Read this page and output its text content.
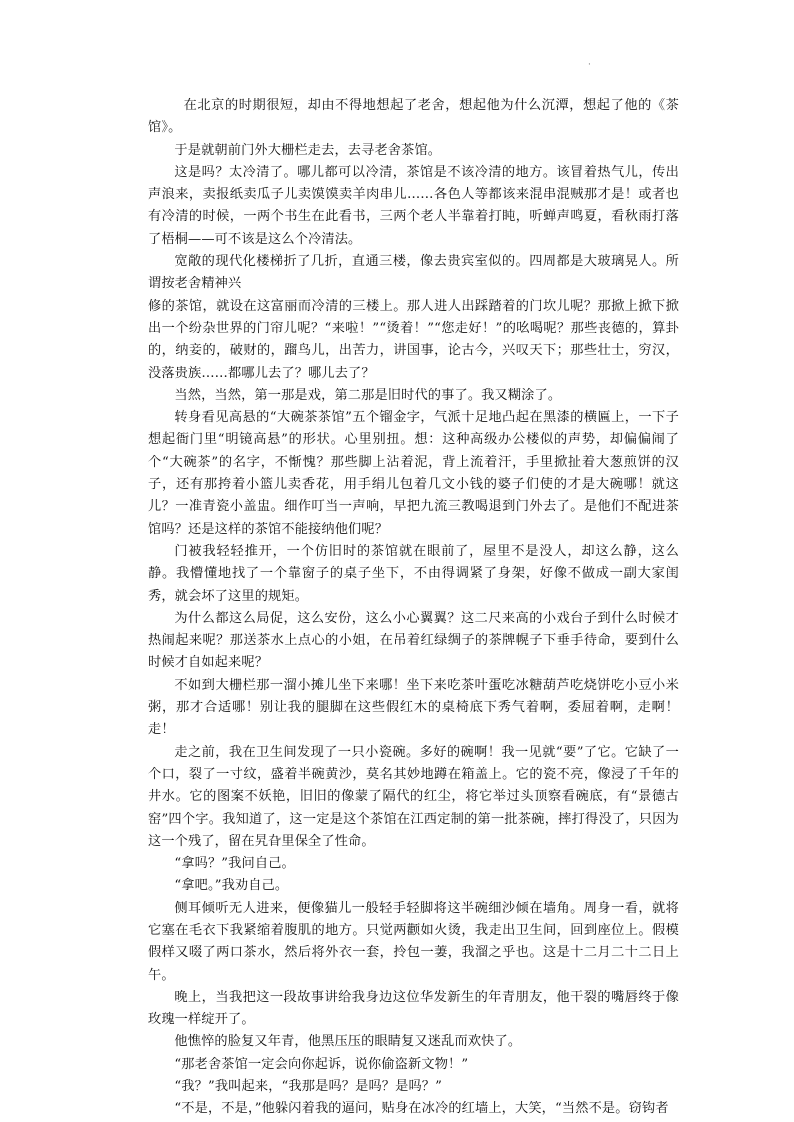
·

在北京的时期很短，却由不得地想起了老舍，想起他为什么沉潭，想起了他的《茶馆》。

于是就朝前门外大栅栏走去，去寻老舍茶馆。

这是吗？太冷清了。哪儿都可以冷清，茶馆是不该冷清的地方。该冒着热气儿，传出声浪来，卖报纸卖瓜子儿卖馍馍卖羊肉串儿……各色人等都该来混串混贼那才是！或者也有冷清的时候，一两个书生在此看书，三两个老人半靠着打盹，听蝉声鸣夏，看秋雨打落了梧桐——可不该是这么个冷清法。

宽敞的现代化楼梯折了几折，直通三楼，像去贵宾室似的。四周都是大玻璃晃人。所谓按老舍精神兴

修的茶馆，就设在这富丽而冷清的三楼上。那人进人出踩踏着的门坎儿呢？那掀上掀下掀出一个纷杂世界的门帘儿呢？“来啦！”“烫着！”“您走好！”的吆喝呢？那些丧德的，算卦的，纳妾的，破财的，蹓鸟儿，出苦力，讲国事，论古今，兴叹天下；那些壮士，穷汉，没落贵族……都哪儿去了？哪儿去了？

当然，当然，第一那是戏，第二那是旧时代的事了。我又糊涂了。

转身看见高悬的“大碗茶茶馆”五个镏金字，气派十足地凸起在黑漆的横匾上，一下子想起衙门里“明镜高悬”的形状。心里别扭。想：这种高级办公楼似的声势，却偏偏闹了个“大碗茶”的名字，不惭愧？那些脚上沾着泥，背上流着汗，手里掀扯着大葱煎饼的汉子，还有那挎着小篮儿卖香花，用手绢儿包着几文小钱的婆子们使的才是大碗哪！就这儿？一准青瓷小盖盅。细作叮当一声响，早把九流三教喝退到门外去了。是他们不配进茶馆吗？还是这样的茶馆不能接纳他们呢？

门被我轻轻推开，一个仿旧时的茶馆就在眼前了，屋里不是没人，却这么静，这么静。我懵懂地找了一个靠窗子的桌子坐下，不由得调紧了身架，好像不做成一副大家闺秀，就会坏了这里的规矩。

为什么都这么局促，这么安份，这么小心翼翼？这二尺来高的小戏台子到什么时候才热闹起来呢？那送茶水上点心的小姐，在吊着红绿绸子的茶牌幌子下垂手待命，要到什么时候才自如起来呢？

不如到大栅栏那一溜小摊儿坐下来哪！坐下来吃茶叶蛋吃冰糖葫芦吃烧饼吃小豆小米粥，那才合适哪！别让我的腿脚在这些假红木的桌椅底下秀气着啊，委屈着啊，走啊！走！

走之前，我在卫生间发现了一只小瓷碗。多好的碗啊！我一见就“要”了它。它缺了一个口，裂了一寸纹，盛着半碗黄沙，莫名其妙地蹲在箱盖上。它的瓷不亮，像浸了千年的井水。它的图案不妖艳，旧旧的像蒙了隔代的红尘，将它举过头顶察看碗底，有“景德古窑”四个字。我知道了，这一定是这个茶馆在江西定制的第一批茶碗，摔打得没了，只因为这一个残了，留在旯旮里保全了性命。

“拿吗？”我问自己。

“拿吧。”我劝自己。

侧耳倾听无人进来，便像猫儿一般轻手轻脚将这半碗细沙倾在墙角。周身一看，就将它塞在毛衣下我紧缩着腹肌的地方。只觉两颧如火烫，我走出卫生间，回到座位上。假模假样又啜了两口茶水，然后将外衣一套，拎包一萋，我溜之乎也。这是十二月二十二日上午。

晚上，当我把这一段故事讲给我身边这位华发新生的年青朋友，他干裂的嘴唇终于像玫瑰一样绽开了。

他憔悴的脸复又年青，他黑压压的眼睛复又迷乱而欢快了。

“那老舍茶馆一定会向你起诉，说你偷盗新文物！”

“我？”我叫起来，“我那是吗？是吗？是吗？”

“不是，不是，”他躲闪着我的逼问，贴身在冰冷的红墙上，大笑，“当然不是。窃钩者
